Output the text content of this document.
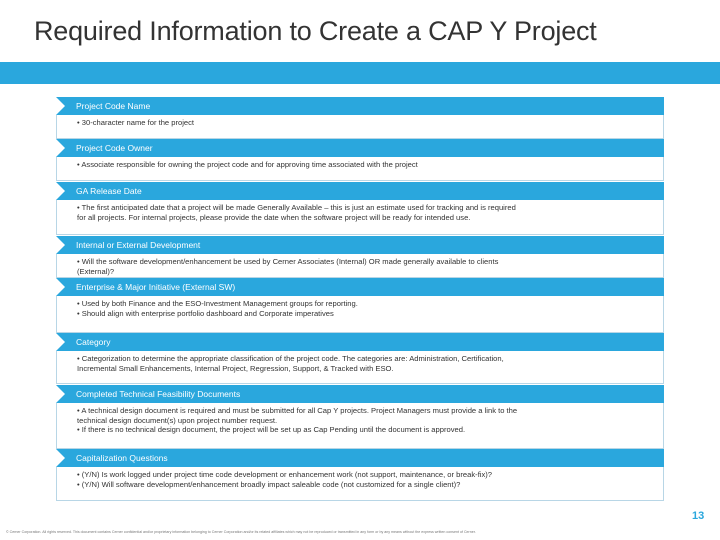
Required Information to Create a CAP Y Project
Project Code Name
• 30-character name for the project
Project Code Owner
• Associate responsible for owning the project code and for approving time associated with the project
GA Release Date
• The first anticipated date that a project will be made Generally Available – this is just an estimate used for tracking and is required
for all projects. For internal projects, please provide the date when the software project will be ready for intended use.
Internal or External Development
• Will the software development/enhancement be used by Cerner Associates (Internal) OR made generally available to clients
(External)?
Enterprise & Major Initiative (External SW)
• Used by both Finance and the ESO-Investment Management groups for reporting.
• Should align with enterprise portfolio dashboard and Corporate imperatives
Category
• Categorization to determine the appropriate classification of the project code. The categories are: Administration, Certification,
Incremental Small Enhancements, Internal Project, Regression, Support, & Tracked with ESO.
Completed Technical Feasibility Documents
• A technical design document is required and must be submitted for all Cap Y projects. Project Managers must provide a link to the
technical design document(s) upon project number request.
• If there is no technical design document, the project will be set up as Cap Pending until the document is approved.
Capitalization Questions
• (Y/N) Is work logged under project time code development or enhancement work (not support, maintenance, or break-fix)?
• (Y/N) Will software development/enhancement broadly impact saleable code (not customized for a single client)?
13
© Cerner Corporation. All rights reserved. This document contains Cerner confidential and/or proprietary information belonging to Cerner Corporation and/or its related affiliates which may not be reproduced or transmitted in any form or by any means without the express written consent of Cerner.
